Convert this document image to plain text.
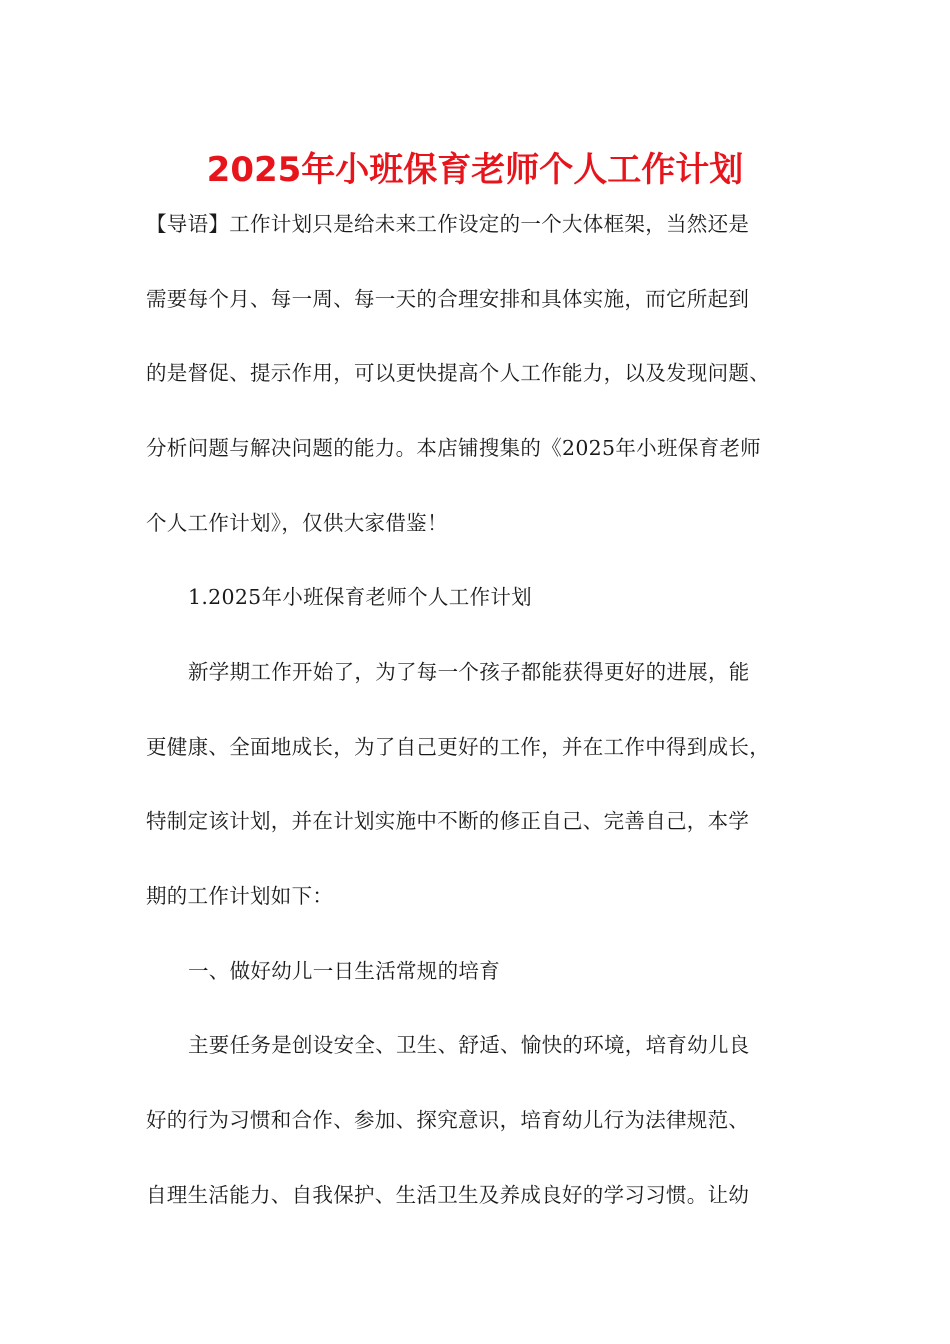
2025年小班保育老师个人工作计划

【导语】工作计划只是给未来工作设定的一个大体框架，当然还是

需要每个月、每一周、每一天的合理安排和具体实施，而它所起到

的是督促、提示作用，可以更快提高个人工作能力，以及发现问题、

分析问题与解决问题的能力。本店铺搜集的《2025年小班保育老师

个人工作计划》，仅供大家借鉴！

1.2025年小班保育老师个人工作计划

新学期工作开始了，为了每一个孩子都能获得更好的进展，能

更健康、全面地成长，为了自己更好的工作，并在工作中得到成长，

特制定该计划，并在计划实施中不断的修正自己、完善自己，本学

期的工作计划如下：

一、做好幼儿一日生活常规的培育

主要任务是创设安全、卫生、舒适、愉快的环境，培育幼儿良

好的行为习惯和合作、参加、探究意识，培育幼儿行为法律规范、

自理生活能力、自我保护、生活卫生及养成良好的学习习惯。让幼
